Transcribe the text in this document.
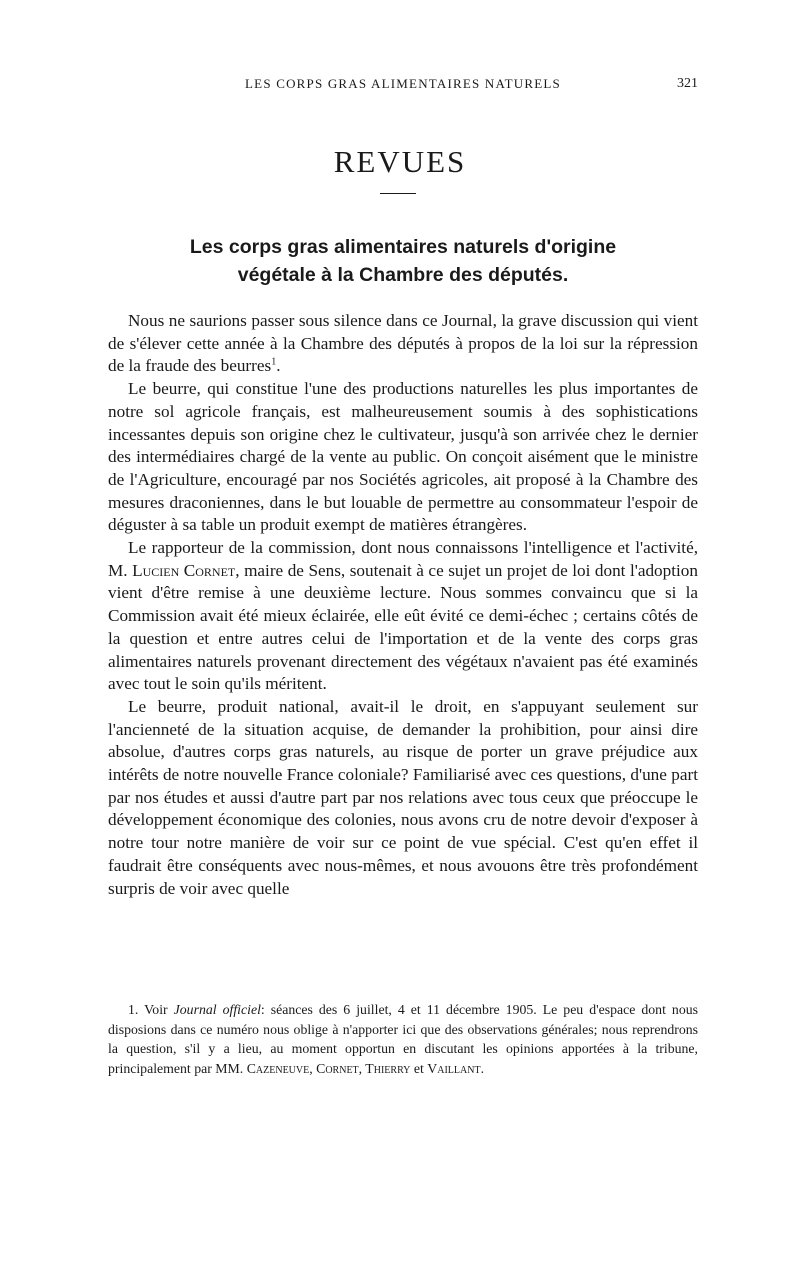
LES CORPS GRAS ALIMENTAIRES NATURELS	321
REVUES
Les corps gras alimentaires naturels d'origine
végétale à la Chambre des députés.

Nous ne saurions passer sous silence dans ce Journal, la grave discussion qui vient de s'élever cette année à la Chambre des députés à propos de la loi sur la répression de la fraude des beurres$^1$.

Le beurre, qui constitue l'une des productions naturelles les plus importantes de notre sol agricole français, est malheureusement soumis à des sophistications incessantes depuis son origine chez le cultivateur, jusqu'à son arrivée chez le dernier des intermédiaires chargé de la vente au public. On conçoit aisément que le ministre de l'Agriculture, encouragé par nos Sociétés agricoles, ait proposé à la Chambre des mesures draconiennes, dans le but louable de permettre au consommateur l'espoir de déguster à sa table un produit exempt de matières étrangères.

Le rapporteur de la commission, dont nous connaissons l'intelligence et l'activité, M. Lucien Cornet, maire de Sens, soutenait à ce sujet un projet de loi dont l'adoption vient d'être remise à une deuxième lecture. Nous sommes convaincu que si la Commission avait été mieux éclairée, elle eût évité ce demi-échec ; certains côtés de la question et entre autres celui de l'importation et de la vente des corps gras alimentaires naturels provenant directement des végétaux n'avaient pas été examinés avec tout le soin qu'ils méritent.

Le beurre, produit national, avait-il le droit, en s'appuyant seulement sur l'ancienneté de la situation acquise, de demander la prohibition, pour ainsi dire absolue, d'autres corps gras naturels, au risque de porter un grave préjudice aux intérêts de notre nouvelle France coloniale? Familiarisé avec ces questions, d'une part par nos études et aussi d'autre part par nos relations avec tous ceux que préoccupe le développement économique des colonies, nous avons cru de notre devoir d'exposer à notre tour notre manière de voir sur ce point de vue spécial. C'est qu'en effet il faudrait être conséquents avec nous-mêmes, et nous avouons être très profondément surpris de voir avec quelle

1. Voir Journal officiel: séances des 6 juillet, 4 et 11 décembre 1905. Le peu d'espace dont nous disposions dans ce numéro nous oblige à n'apporter ici que des observations générales; nous reprendrons la question, s'il y a lieu, au moment opportun en discutant les opinions apportées à la tribune, principalement par MM. Cazeneuve, Cornet, Thierry et Vaillant.
